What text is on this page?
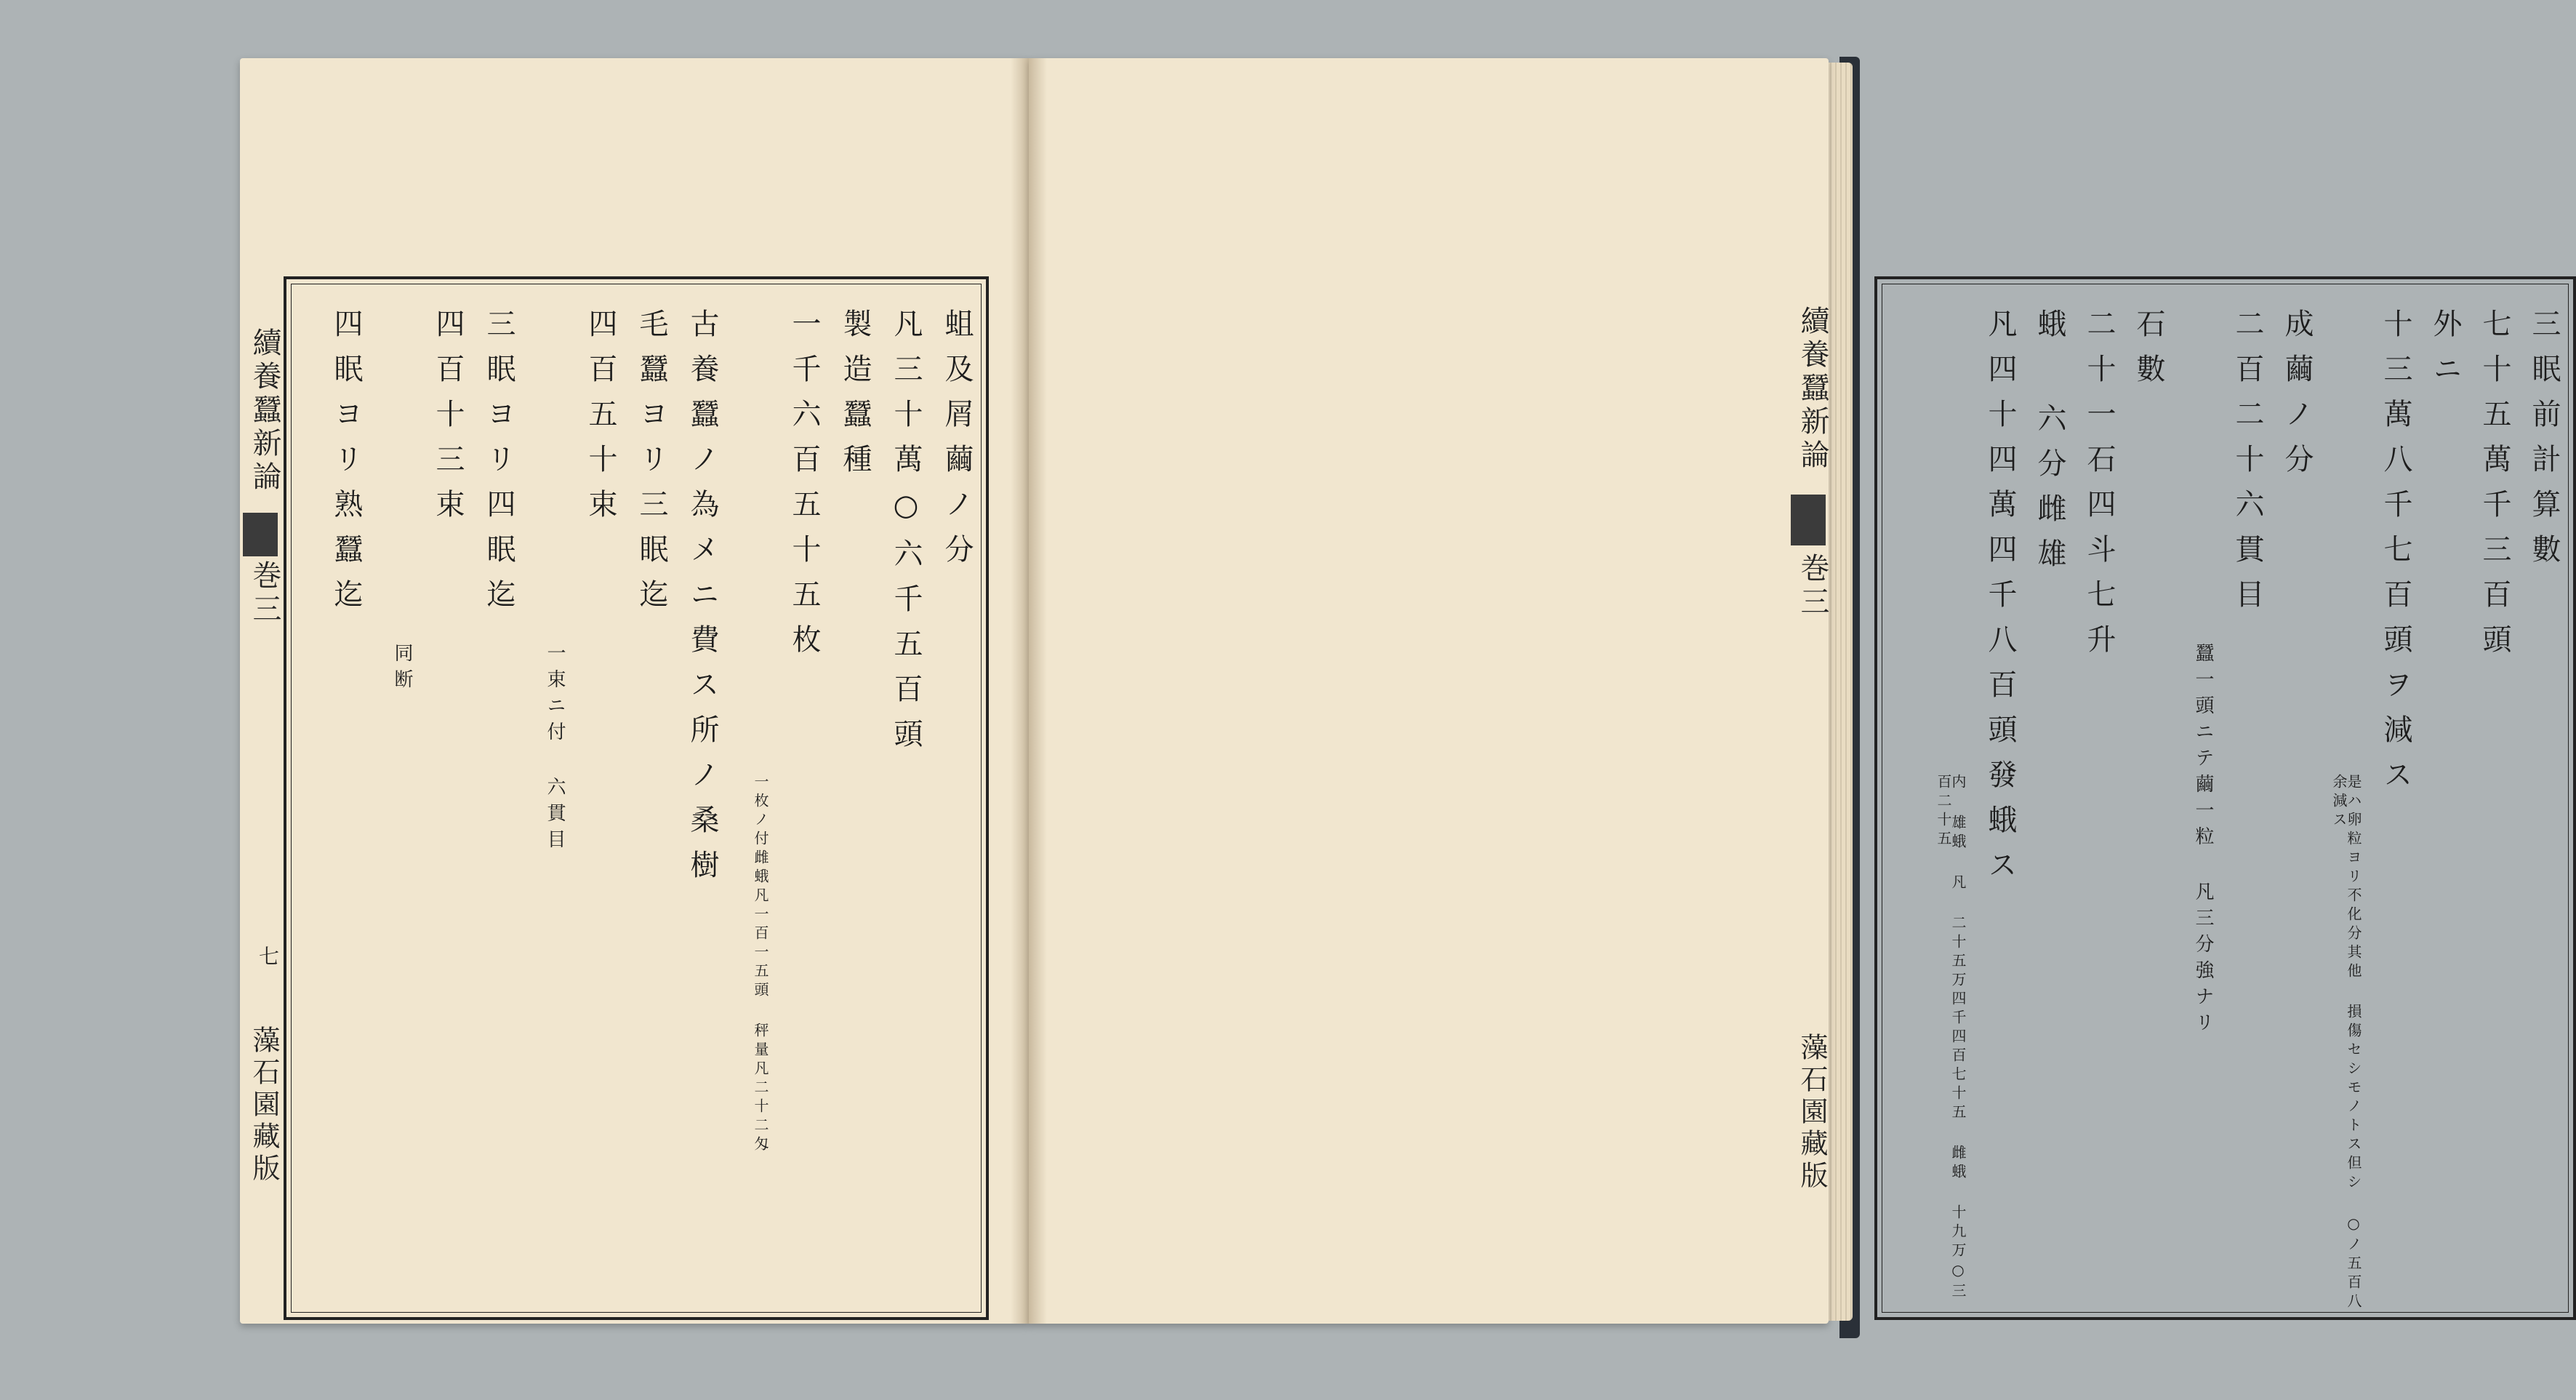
續養蠶新論
巻三
七
藻石園藏版
蛆及屑繭ノ分
凡三十萬○六千五百頭
製造蠶種
一千六百五十五枚
一枚ノ付雌蛾凡一百一五頭 秤量凡二十二匁
古養蠶ノ為メニ費ス所ノ桑樹
毛蠶ヨリ三眠迄
四百五十束
一束ニ付 六貫目
三眠ヨリ四眠迄
四百十三束
同断
四眠ヨリ熟蠶迄	三眠前計算數
七十五萬千三百頭
外ニ
十三萬八千七百頭ヲ減ス
是ハ卵粒ヨリ不化分其他 損傷セシモノトス但シ ○ノ五百八余減ス
成繭ノ分
二百二十六貫目
蠶一頭ニテ繭一粒 凡三分強ナリ
石數
二十一石四斗七升
蛾 六分雌雄
凡四十四萬四千八百頭發蛾ス
内 雄蛾 凡 二十五万四千四百七十五 雌蛾 十九万○三百二十五
續養蠶新論
巻三
藻石園藏版
